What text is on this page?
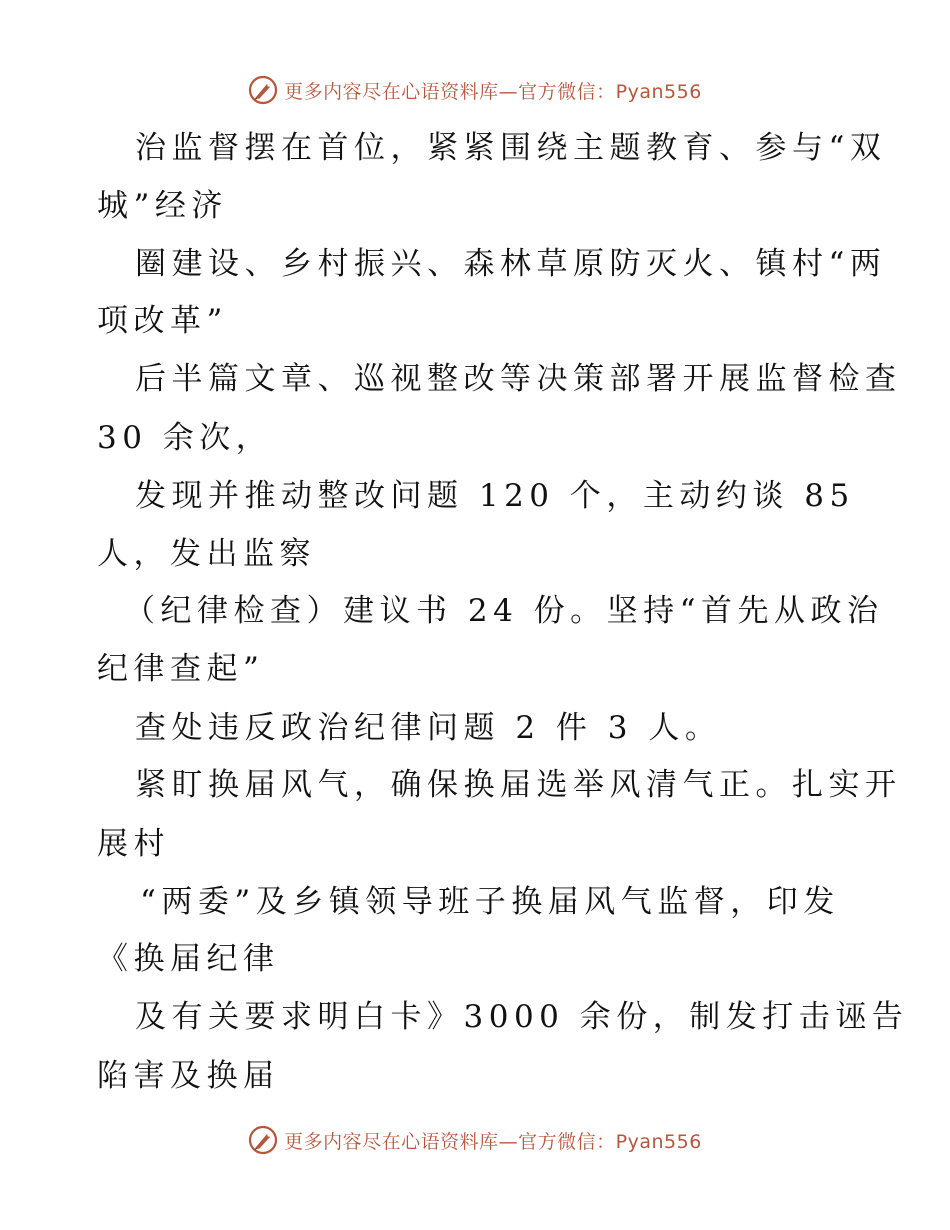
更多内容尽在心语资料库—官方微信：Pyan556
治监督摆在首位，紧紧围绕主题教育、参与“双
城”经济
圈建设、乡村振兴、森林草原防灭火、镇村“两
项改革”
后半篇文章、巡视整改等决策部署开展监督检查
30 余次，
发现并推动整改问题 120 个，主动约谈 85
人，发出监察
（纪律检查）建议书 24 份。坚持“首先从政治
纪律查起”
查处违反政治纪律问题 2 件 3 人。
紧盯换届风气，确保换届选举风清气正。扎实开
展村
“两委”及乡镇领导班子换届风气监督，印发
《换届纪律
及有关要求明白卡》3000 余份，制发打击诬告
陷害及换届
更多内容尽在心语资料库—官方微信：Pyan556
